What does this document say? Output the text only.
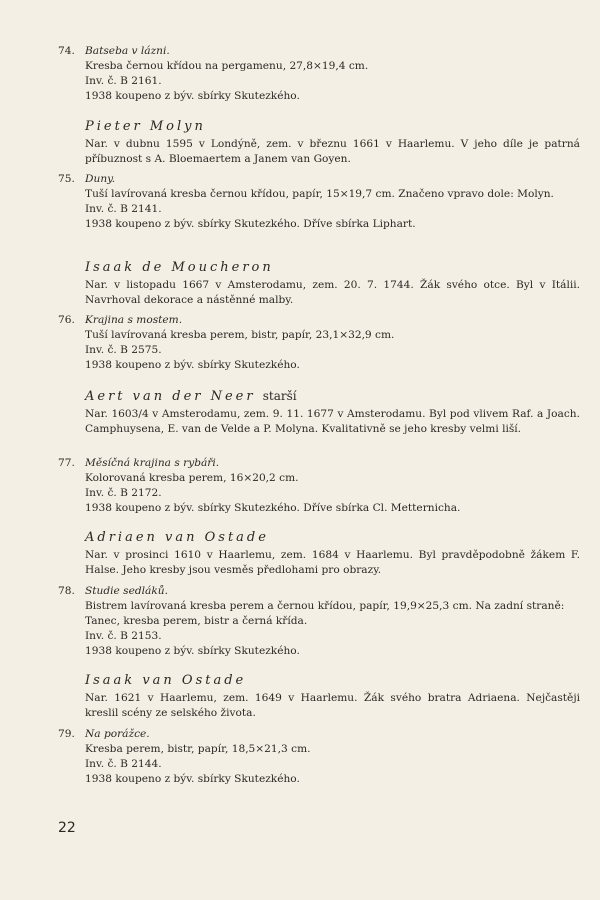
74. Batseba v lázni.
Kresba černou křídou na pergamenu, 27,8×19,4 cm.
Inv. č. B 2161.
1938 koupeno z býv. sbírky Skutezkého.
Pieter Molyn
Nar. v dubnu 1595 v Londýně, zem. v březnu 1661 v Haarlemu. V jeho díle je patrná příbuznost s A. Bloemaertem a Janem van Goyen.
75. Duny.
Tuší lavírovaná kresba černou křídou, papír, 15×19,7 cm. Značeno vpravo dole: Molyn.
Inv. č. B 2141.
1938 koupeno z býv. sbírky Skutezkého. Dříve sbírka Liphart.
Isaak de Moucheron
Nar. v listopadu 1667 v Amsterodamu, zem. 20. 7. 1744. Žák svého otce. Byl v Itálii. Navrhoval dekorace a nástěnné malby.
76. Krajina s mostem.
Tuší lavírovaná kresba perem, bistr, papír, 23,1×32,9 cm.
Inv. č. B 2575.
1938 koupeno z býv. sbírky Skutezkého.
Aert van der Neer starší
Nar. 1603/4 v Amsterodamu, zem. 9. 11. 1677 v Amsterodamu. Byl pod vlivem Raf. a Joach. Camphuysena, E. van de Velde a P. Molyna. Kvalitativně se jeho kresby velmi liší.
77. Měsíčná krajina s rybáři.
Kolorovaná kresba perem, 16×20,2 cm.
Inv. č. B 2172.
1938 koupeno z býv. sbírky Skutezkého. Dříve sbírka Cl. Metternicha.
Adriaen van Ostade
Nar. v prosinci 1610 v Haarlemu, zem. 1684 v Haarlemu. Byl pravděpodobně žákem F. Halse. Jeho kresby jsou vesměs předlohami pro obrazy.
78. Studie sedláků.
Bistrem lavírovaná kresba perem a černou křídou, papír, 19,9×25,3 cm. Na zadní straně: Tanec, kresba perem, bistr a černá křída.
Inv. č. B 2153.
1938 koupeno z býv. sbírky Skutezkého.
Isaak van Ostade
Nar. 1621 v Haarlemu, zem. 1649 v Haarlemu. Žák svého bratra Adriaena. Nejčastěji kreslil scény ze selského života.
79. Na porážce.
Kresba perem, bistr, papír, 18,5×21,3 cm.
Inv. č. B 2144.
1938 koupeno z býv. sbírky Skutezkého.
22
